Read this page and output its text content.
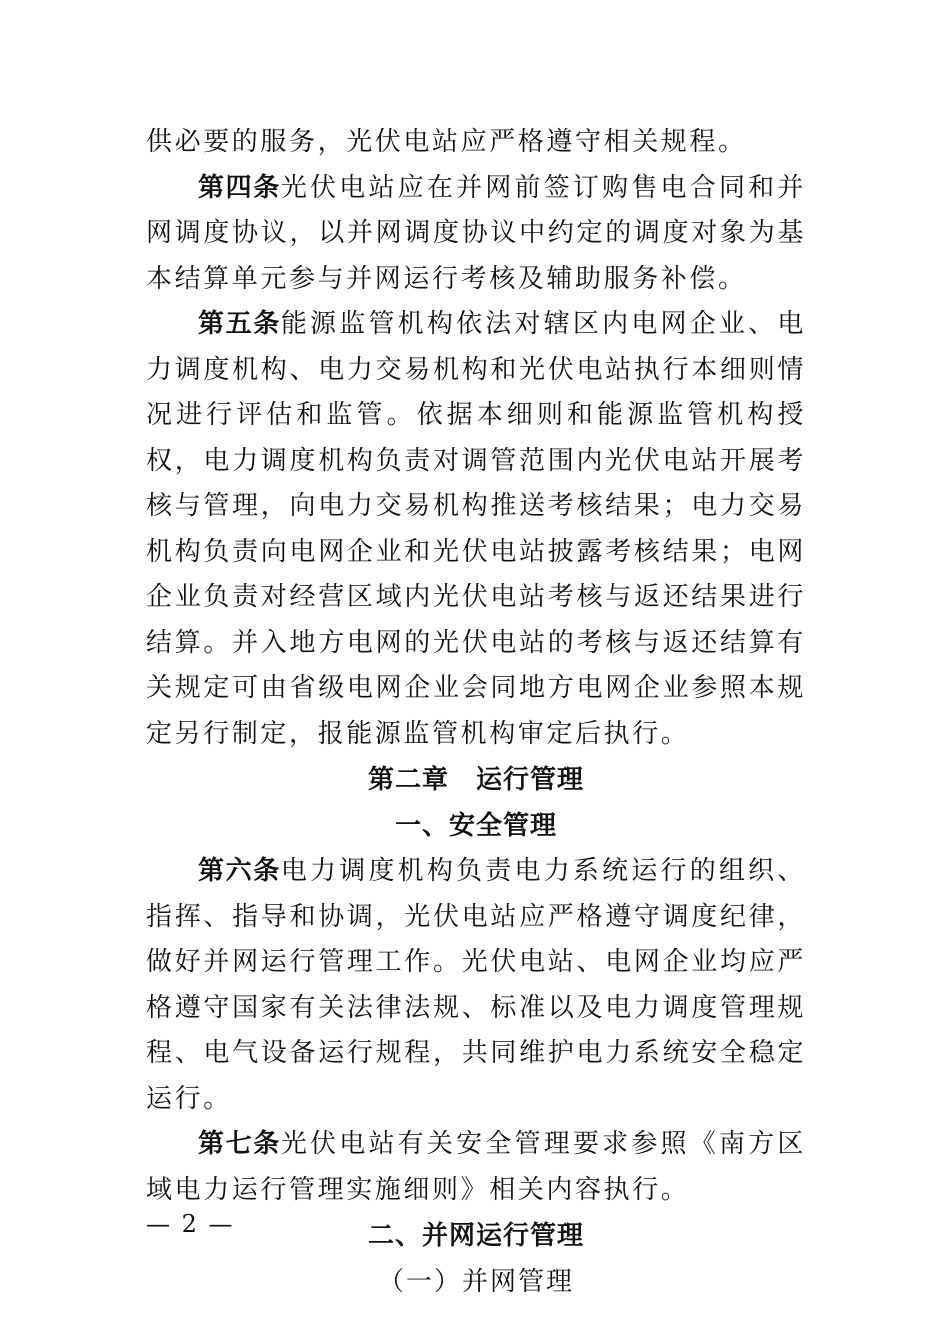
供必要的服务，光伏电站应严格遵守相关规程。

第四条光伏电站应在并网前签订购售电合同和并网调度协议，以并网调度协议中约定的调度对象为基本结算单元参与并网运行考核及辅助服务补偿。

第五条能源监管机构依法对辖区内电网企业、电力调度机构、电力交易机构和光伏电站执行本细则情况进行评估和监管。依据本细则和能源监管机构授权，电力调度机构负责对调管范围内光伏电站开展考核与管理，向电力交易机构推送考核结果；电力交易机构负责向电网企业和光伏电站披露考核结果；电网企业负责对经营区域内光伏电站考核与返还结果进行结算。并入地方电网的光伏电站的考核与返还结算有关规定可由省级电网企业会同地方电网企业参照本规定另行制定，报能源监管机构审定后执行。

第二章　运行管理

一、安全管理

第六条电力调度机构负责电力系统运行的组织、指挥、指导和协调，光伏电站应严格遵守调度纪律，做好并网运行管理工作。光伏电站、电网企业均应严格遵守国家有关法律法规、标准以及电力调度管理规程、电气设备运行规程，共同维护电力系统安全稳定运行。

第七条光伏电站有关安全管理要求参照《南方区域电力运行管理实施细则》相关内容执行。

二、并网运行管理

（一）并网管理

— 2 —
